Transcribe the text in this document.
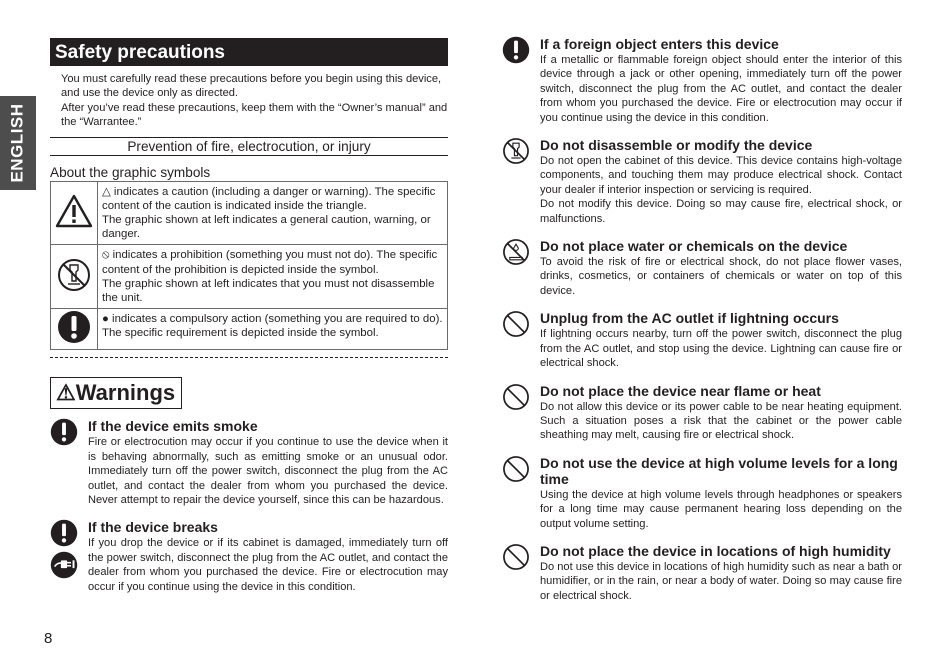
ENGLISH
Safety precautions
You must carefully read these precautions before you begin using this device, and use the device only as directed.
After you’ve read these precautions, keep them with the “Owner’s manual” and the “Warrantee.”
Prevention of fire, electrocution, or injury
About the graphic symbols

△ indicates a caution (including a danger or warning). The specific content of the caution is indicated inside the triangle.
The graphic shown at left indicates a general caution, warning, or danger.

⦸ indicates a prohibition (something you must not do). The specific content of the prohibition is depicted inside the symbol.
The graphic shown at left indicates that you must not disassemble the unit.

● indicates a compulsory action (something you are required to do). The specific requirement is depicted inside the symbol.
⚠Warnings
If the device emits smoke

Fire or electrocution may occur if you continue to use the device when it is behaving abnormally, such as emitting smoke or an unusual odor. Immediately turn off the power switch, disconnect the plug from the AC outlet, and contact the dealer from whom you purchased the device. Never attempt to repair the device yourself, since this can be hazardous.

If the device breaks

If you drop the device or if its cabinet is damaged, immediately turn off the power switch, disconnect the plug from the AC outlet, and contact the dealer from whom you purchased the device. Fire or electrocution may occur if you continue using the device in this condition.

If a foreign object enters this device

If a metallic or flammable foreign object should enter the interior of this device through a jack or other opening, immediately turn off the power switch, disconnect the plug from the AC outlet, and contact the dealer from whom you purchased the device. Fire or electrocution may occur if you continue using the device in this condition.

Do not disassemble or modify the device

Do not open the cabinet of this device. This device contains high-voltage components, and touching them may produce electrical shock. Contact your dealer if interior inspection or servicing is required.

Do not modify this device. Doing so may cause fire, electrical shock, or malfunctions.

Do not place water or chemicals on the device

To avoid the risk of fire or electrical shock, do not place flower vases, drinks, cosmetics, or containers of chemicals or water on top of this device.

Unplug from the AC outlet if lightning occurs

If lightning occurs nearby, turn off the power switch, disconnect the plug from the AC outlet, and stop using the device. Lightning can cause fire or electrical shock.

Do not place the device near flame or heat

Do not allow this device or its power cable to be near heating equipment. Such a situation poses a risk that the cabinet or the power cable sheathing may melt, causing fire or electrical shock.

Do not use the device at high volume levels for a long time

Using the device at high volume levels through headphones or speakers for a long time may cause permanent hearing loss depending on the output volume setting.

Do not place the device in locations of high humidity

Do not use this device in locations of high humidity such as near a bath or humidifier, or in the rain, or near a body of water. Doing so may cause fire or electrical shock.

8
